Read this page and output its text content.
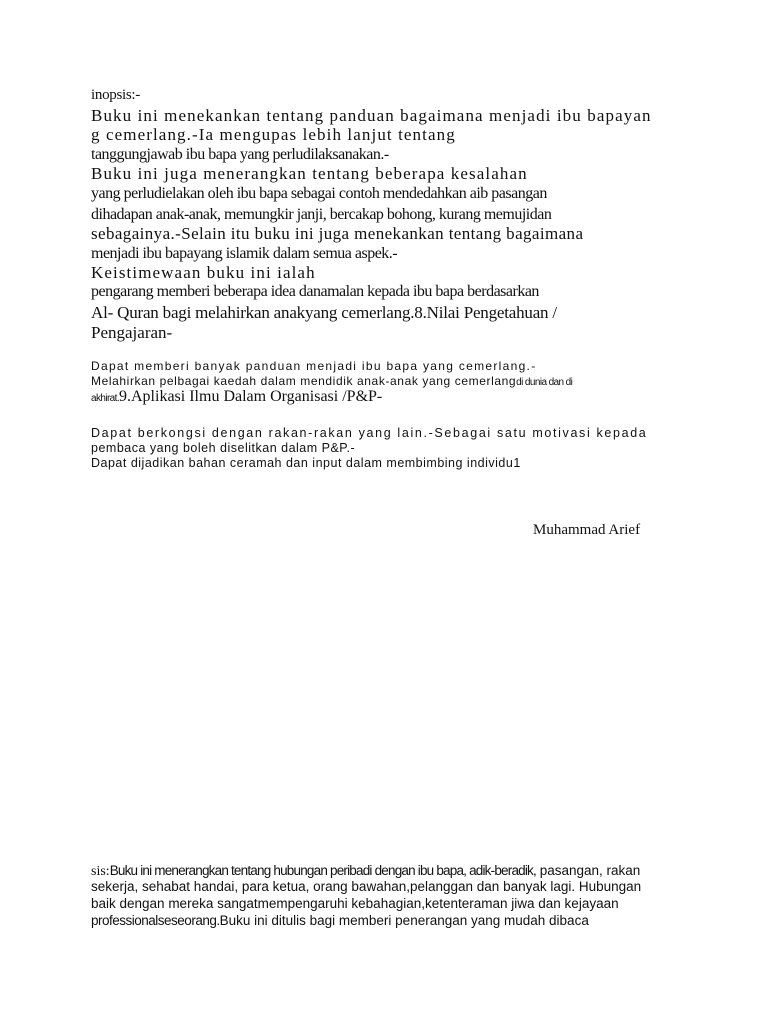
inopsis:-
Buku ini menekankan tentang panduan bagaimana menjadi ibu bapayan
g cemerlang.-Ia mengupas lebih lanjut tentang
tanggungjawab ibu bapa yang perludilaksanakan.-
Buku ini juga menerangkan tentang beberapa kesalahan
yang perludielakan oleh ibu bapa sebagai contoh mendedahkan aib pasangan
dihadapan anak-anak, memungkir janji, bercakap bohong, kurang memujidan
sebagainya.-Selain itu buku ini juga menekankan tentang bagaimana
menjadi ibu bapayang islamik dalam semua aspek.-
Keistimewaan buku ini ialah
pengarang memberi beberapa idea danamalan kepada ibu bapa berdasarkan
Al- Quran bagi melahirkan anakyang cemerlang.8.Nilai Pengetahuan /
Pengajaran-
Dapat memberi banyak panduan menjadi ibu bapa yang cemerlang.-
Melahirkan pelbagai kaedah dalam mendidik anak-anak yang cemerlangdi dunia dan di
akhirat.9.Aplikasi Ilmu Dalam Organisasi /P&P-
Dapat berkongsi dengan rakan-rakan yang lain.-Sebagai satu motivasi kepada
pembaca yang boleh diselitkan dalam P&P.-
Dapat dijadikan bahan ceramah dan input dalam membimbing individu1
Muhammad Arief
sis:Buku ini menerangkan tentang hubungan peribadi dengan ibu bapa, adik-beradik, pasangan, rakan
sekerja, sehabat handai, para ketua, orang bawahan,pelanggan dan banyak lagi. Hubungan
baik dengan mereka sangatmempengaruhi kebahagian,ketenteraman jiwa dan kejayaan
professionalseseorang.Buku ini ditulis bagi memberi penerangan yang mudah dibaca
